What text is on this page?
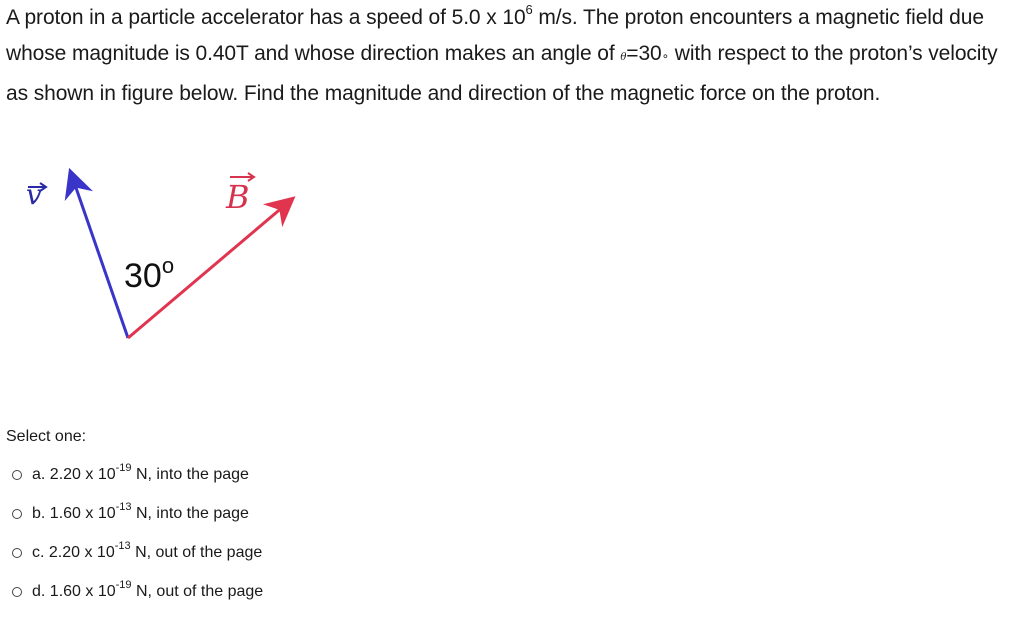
A proton in a particle accelerator has a speed of 5.0 x $10^6$ m/s. The proton encounters a magnetic field due whose magnitude is 0.40T and whose direction makes an angle of θ=30∘ with respect to the proton’s velocity as shown in figure below. Find the magnitude and direction of the magnetic force on the proton.
v	B
30$^o$
Select one:
a. 2.20 x $10^{-19}$ N, into the page
b. 1.60 x $10^{-13}$ N, into the page
c. 2.20 x $10^{-13}$ N, out of the page
d. 1.60 x $10^{-19}$ N, out of the page
